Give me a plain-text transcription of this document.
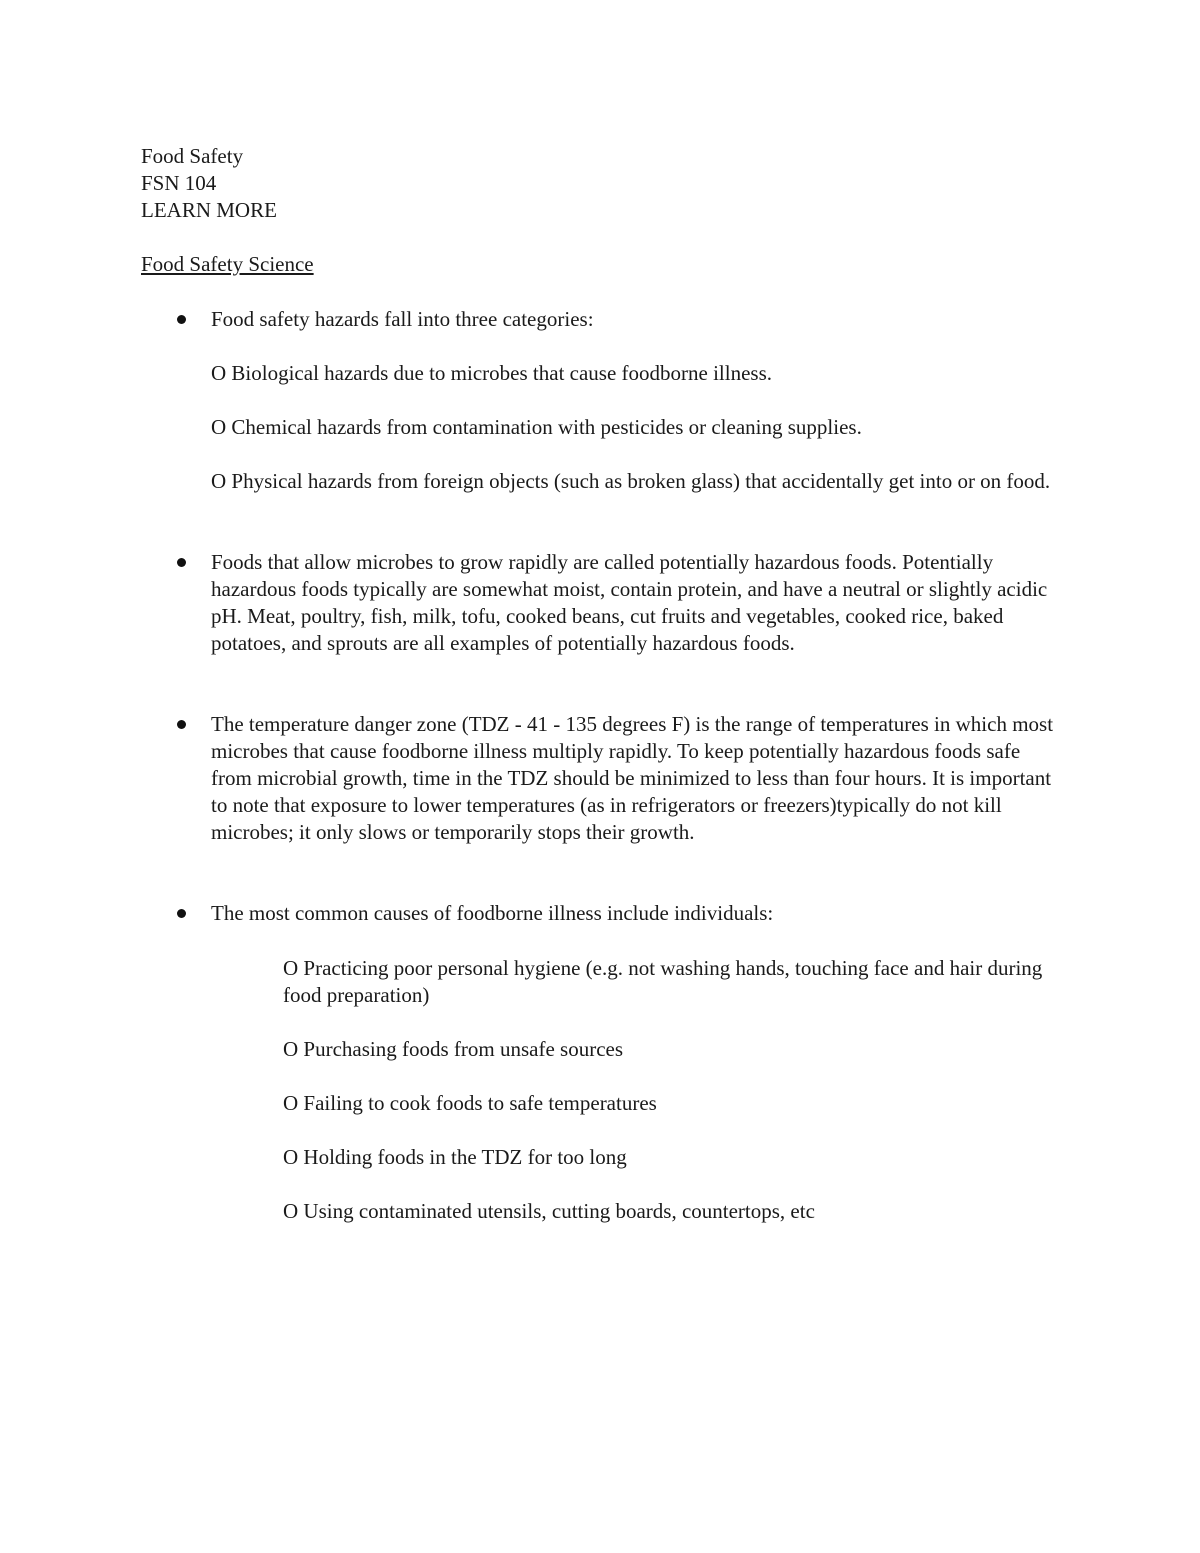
Food Safety
FSN 104
LEARN MORE
Food Safety Science
Food safety hazards fall into three categories:
O Biological hazards due to microbes that cause foodborne illness.
O Chemical hazards from contamination with pesticides or cleaning supplies.
O Physical hazards from foreign objects (such as broken glass) that accidentally get into or on food.
Foods that allow microbes to grow rapidly are called potentially hazardous foods. Potentially hazardous foods typically are somewhat moist, contain protein, and have a neutral or slightly acidic pH. Meat, poultry, fish, milk, tofu, cooked beans, cut fruits and vegetables, cooked rice, baked potatoes, and sprouts are all examples of potentially hazardous foods.
The temperature danger zone (TDZ - 41 - 135 degrees F) is the range of temperatures in which most microbes that cause foodborne illness multiply rapidly. To keep potentially hazardous foods safe from microbial growth, time in the TDZ should be minimized to less than four hours. It is important to note that exposure to lower temperatures (as in refrigerators or freezers)typically do not kill microbes; it only slows or temporarily stops their growth.
The most common causes of foodborne illness include individuals:
O Practicing poor personal hygiene (e.g. not washing hands, touching face and hair during food preparation)
O Purchasing foods from unsafe sources
O Failing to cook foods to safe temperatures
O Holding foods in the TDZ for too long
O Using contaminated utensils, cutting boards, countertops, etc
